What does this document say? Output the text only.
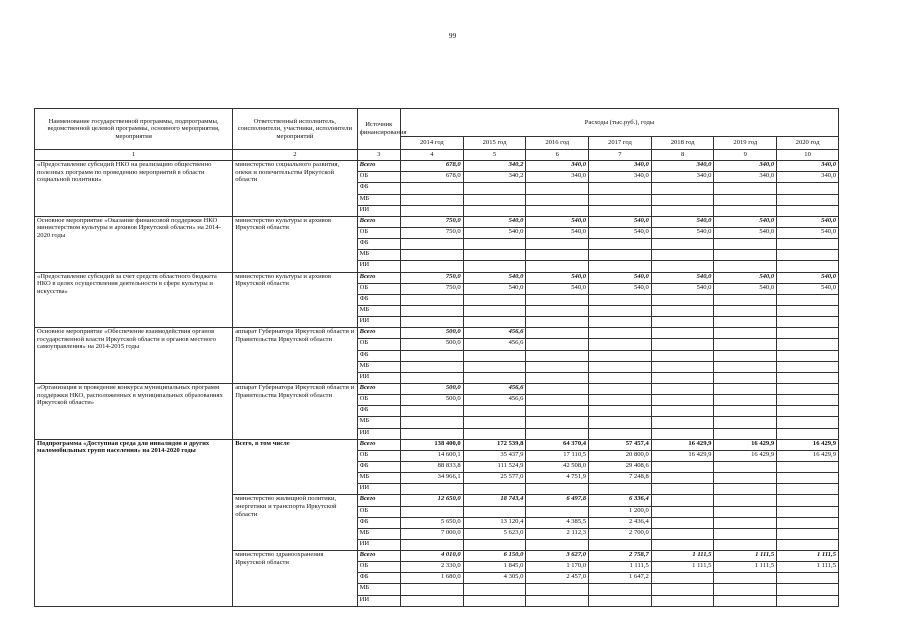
99
Наименование государственной программы, подпрограммы, ведомственной целевой программы, основного мероприятия, мероприятия	Ответственный исполнитель, соисполнители, участники, исполнители мероприятий	Источник финансирования	Расходы (тыс.руб.), годы						
			2014 год	2015 год	2016 год	2017 год	2018 год	2019 год	2020 год
1	2	3	4	5	6	7	8	9	10
«Предоставление субсидий НКО на реализацию общественно полезных программ по проведению мероприятий в области социальной политики»	министерство социального развития, опеки и попечительства Иркутской области	Всего	678,0	340,2	340,0	340,0	340,0	340,0	340,0
		ОБ	678,0	340,2	340,0	340,0	340,0	340,0	340,0
		ФБ							
		МБ							
		ИИ							
Основное мероприятие «Оказание финансовой поддержки НКО министерством культуры и архивов Иркутской области» на 2014-2020 годы	министерство культуры и архивов Иркутской области	Всего	750,0	540,0	540,0	540,0	540,0	540,0	540,0
		ОБ	750,0	540,0	540,0	540,0	540,0	540,0	540,0
		ФБ							
		МБ							
		ИИ							
«Предоставление субсидий за счет средств областного бюджета НКО в целях осуществления деятельности в сфере культуры и искусства»	министерство культуры и архивов Иркутской области	Всего	750,0	540,0	540,0	540,0	540,0	540,0	540,0
		ОБ	750,0	540,0	540,0	540,0	540,0	540,0	540,0
		ФБ							
		МБ							
		ИИ							
Основное мероприятие «Обеспечение взаимодействия органов государственной власти Иркутской области и органов местного самоуправления» на 2014-2015 годы	аппарат Губернатора Иркутской области и Правительства Иркутской области	Всего	500,0	456,6					
		ОБ	500,0	456,6					
		ФБ							
		МБ							
		ИИ							
«Организация и проведение конкурса муниципальных программ поддержки НКО, расположенных в муниципальных образованиях Иркутской области»	аппарат Губернатора Иркутской области и Правительства Иркутской области	Всего	500,0	456,6					
		ОБ	500,0	456,6					
		ФБ							
		МБ							
		ИИ							
Подпрограмма «Доступная среда для инвалидов и других маломобильных групп населения» на 2014-2020 годы	Всего, в том числе	Всего	138 400,0	172 539,8	64 370,4	57 457,4	16 429,9	16 429,9	16 429,9
		ОБ	14 600,1	35 437,9	17 110,5	20 800,0	16 429,9	16 429,9	16 429,9
		ФБ	88 833,8	111 524,9	42 508,0	29 408,6			
		МБ	34 966,1	25 577,0	4 751,9	7 248,8			
		ИИ							
	министерство жилищной политики, энергетики и транспорта Иркутской области	Всего	12 650,0	18 743,4	6 497,8	6 336,4			
		ОБ				1 200,0			
		ФБ	5 650,0	13 120,4	4 385,5	2 436,4			
		МБ	7 000,0	5 623,0	2 112,3	2 700,0			
		ИИ							
	министерство здравоохранения Иркутской области	Всего	4 010,0	6 150,0	3 627,0	2 758,7	1 111,5	1 111,5	1 111,5
		ОБ	2 330,0	1 845,0	1 170,0	1 111,5	1 111,5	1 111,5	1 111,5
		ФБ	1 680,0	4 305,0	2 457,0	1 647,2			
		МБ							
		ИИ							
